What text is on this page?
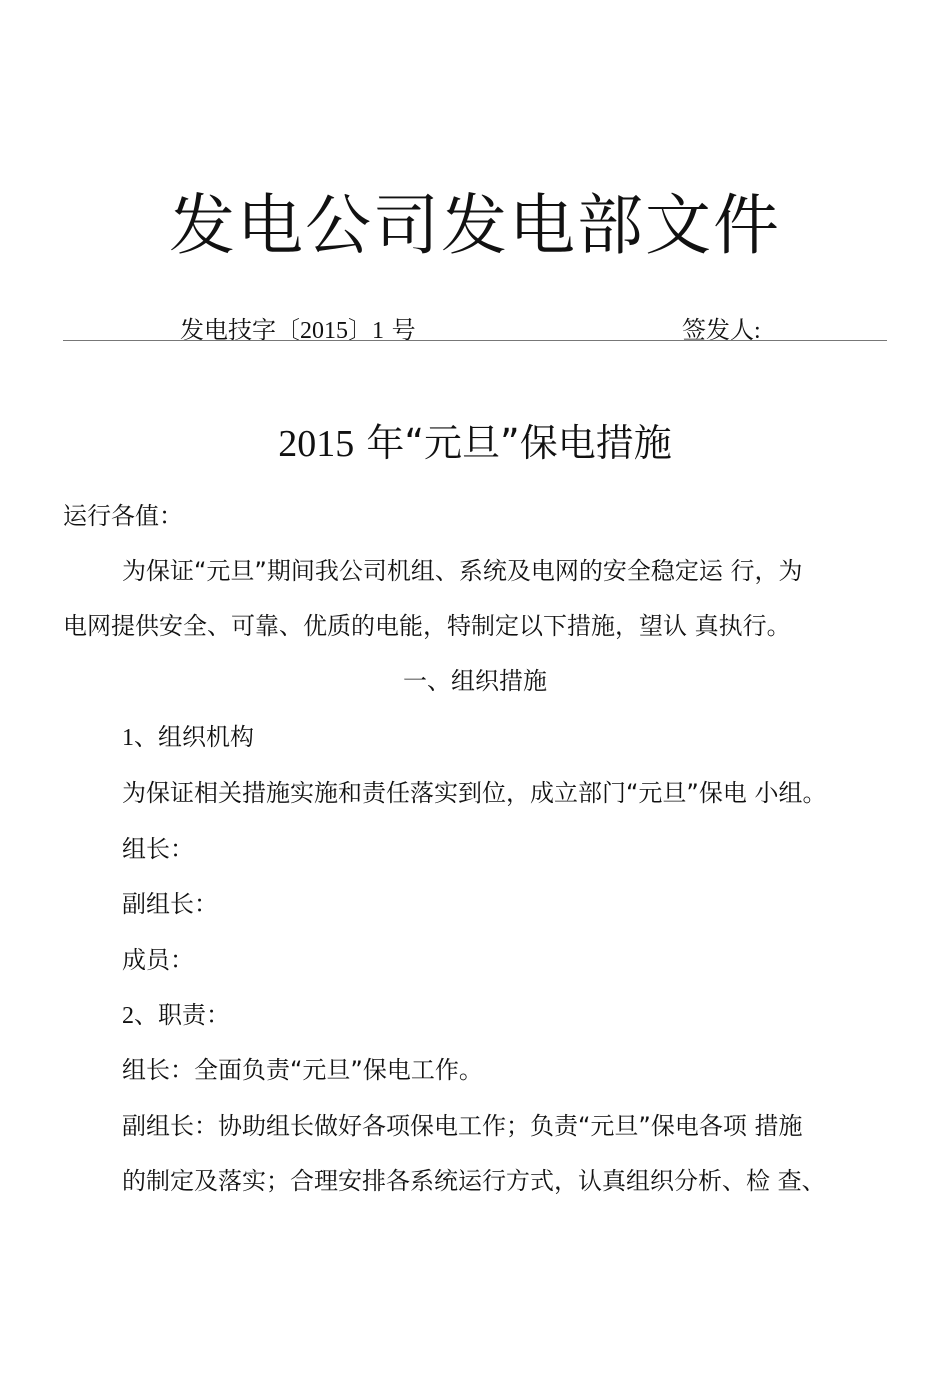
发电公司发电部文件
发电技字〔2015〕1 号	签发人:
2015 年“元旦”保电措施
运行各值：
为保证“元旦”期间我公司机组、系统及电网的安全稳定运 行，为
电网提供安全、可靠、优质的电能，特制定以下措施，望认 真执行。
一、组织措施
1、组织机构
为保证相关措施实施和责任落实到位，成立部门“元旦”保电 小组。
组长：
副组长：
成员：
2、职责：
组长：全面负责“元旦”保电工作。
副组长：协助组长做好各项保电工作；负责“元旦”保电各项 措施
的制定及落实；合理安排各系统运行方式，认真组织分析、检 查、
